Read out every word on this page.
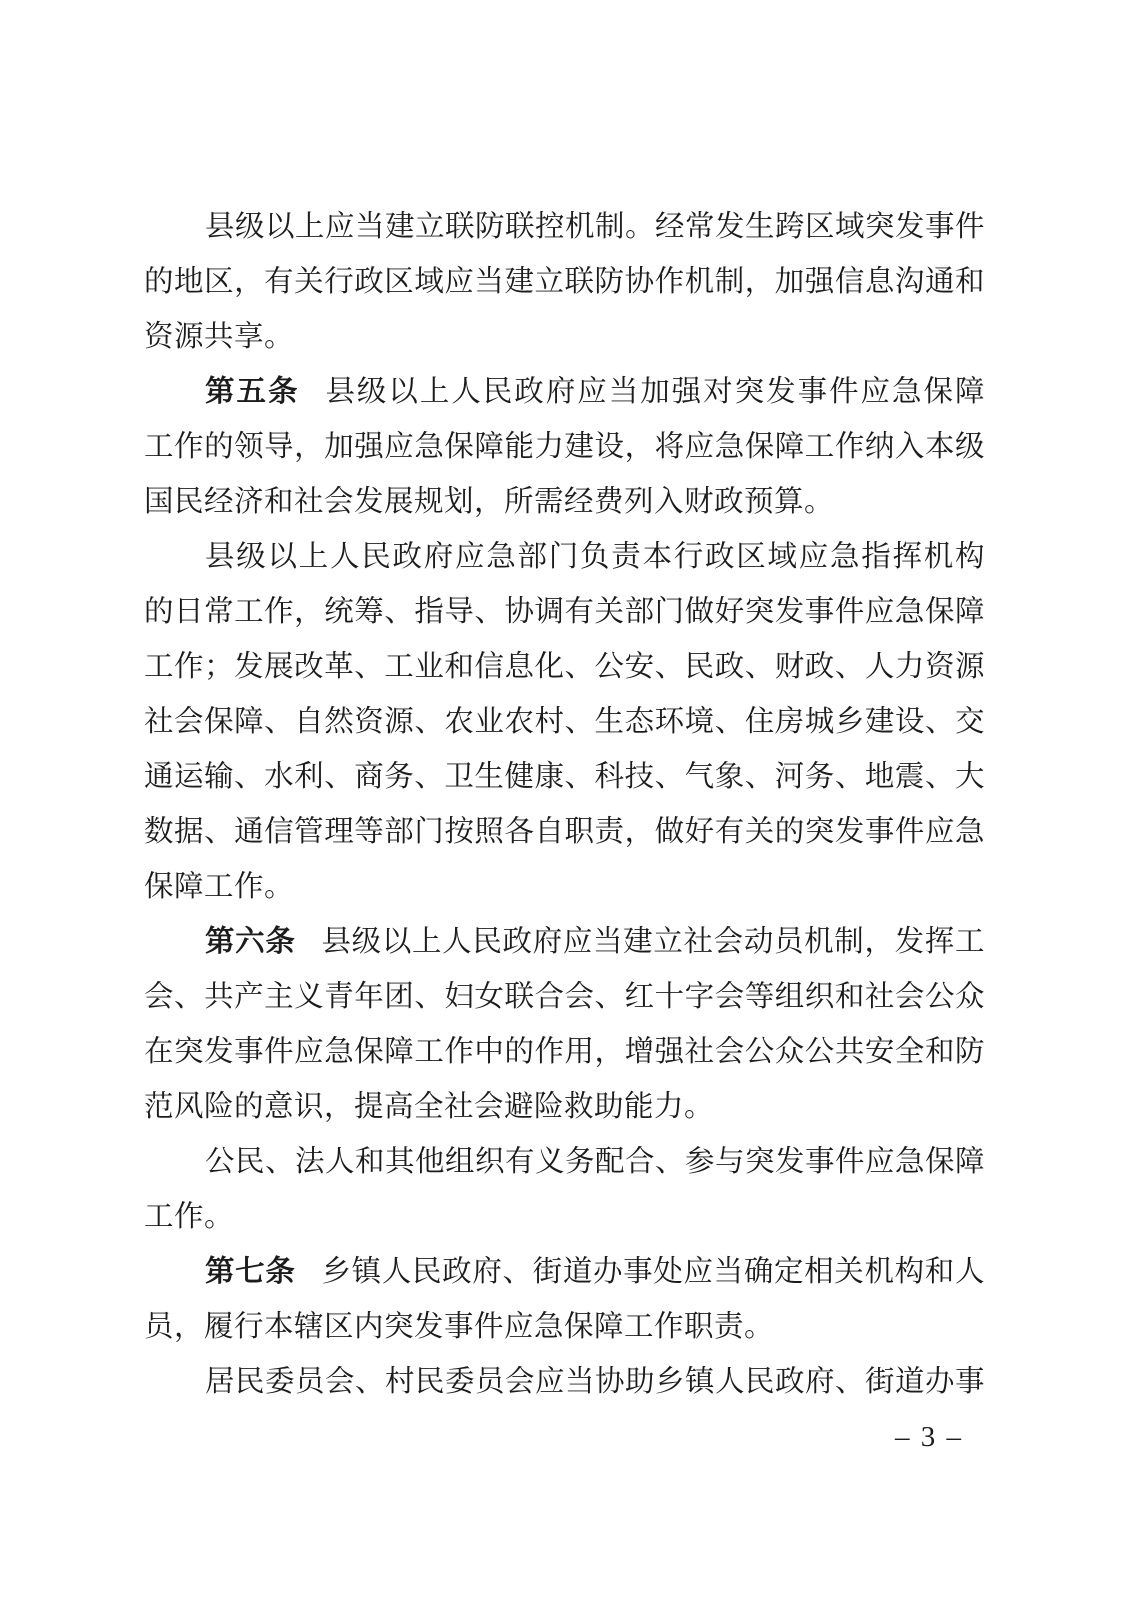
县级以上应当建立联防联控机制。经常发生跨区域突发事件
的地区，有关行政区域应当建立联防协作机制，加强信息沟通和
资源共享。
第五条 县级以上人民政府应当加强对突发事件应急保障
工作的领导，加强应急保障能力建设，将应急保障工作纳入本级
国民经济和社会发展规划，所需经费列入财政预算。
县级以上人民政府应急部门负责本行政区域应急指挥机构
的日常工作，统筹、指导、协调有关部门做好突发事件应急保障
工作；发展改革、工业和信息化、公安、民政、财政、人力资源
社会保障、自然资源、农业农村、生态环境、住房城乡建设、交
通运输、水利、商务、卫生健康、科技、气象、河务、地震、大
数据、通信管理等部门按照各自职责，做好有关的突发事件应急
保障工作。
第六条 县级以上人民政府应当建立社会动员机制，发挥工
会、共产主义青年团、妇女联合会、红十字会等组织和社会公众
在突发事件应急保障工作中的作用，增强社会公众公共安全和防
范风险的意识，提高全社会避险救助能力。
公民、法人和其他组织有义务配合、参与突发事件应急保障
工作。
第七条 乡镇人民政府、街道办事处应当确定相关机构和人
员，履行本辖区内突发事件应急保障工作职责。
居民委员会、村民委员会应当协助乡镇人民政府、街道办事
– 3 –
